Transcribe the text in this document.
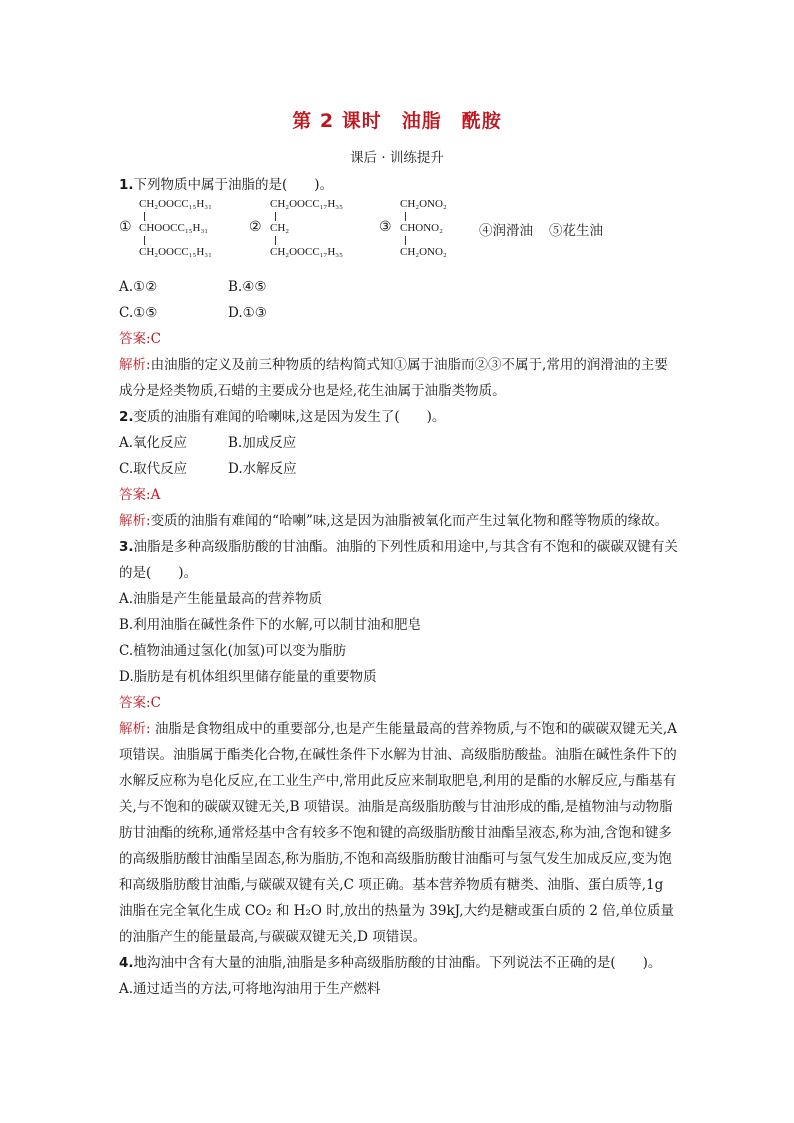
第 2 课时　油脂　酰胺
课后 · 训练提升
1.下列物质中属于油脂的是(　　)。
CH₂OOCC₁₅H₃₁
① CHOOCC₁₅H₃₁
CH₂OOCC₁₅H₃₁
CH₂OOCC₁₇H₃₅
② CH₂
CH₂OOCC₁₇H₃₅
CH₂ONO₂
③ CHONO₂
CH₂ONO₂
④润滑油 ⑤花生油
A.①②	B.④⑤
C.①⑤	D.①③
答案:C
解析:由油脂的定义及前三种物质的结构简式知①属于油脂而②③不属于,常用的润滑油的主要成分是烃类物质,石蜡的主要成分也是烃,花生油属于油脂类物质。
2.变质的油脂有难闻的哈喇味,这是因为发生了(　　)。
A.氧化反应	B.加成反应
C.取代反应	D.水解反应
答案:A
解析:变质的油脂有难闻的“哈喇”味,这是因为油脂被氧化而产生过氧化物和醛等物质的缘故。
3.油脂是多种高级脂肪酸的甘油酯。油脂的下列性质和用途中,与其含有不饱和的碳碳双键有关的是(　　)。
A.油脂是产生能量最高的营养物质
B.利用油脂在碱性条件下的水解,可以制甘油和肥皂
C.植物油通过氢化(加氢)可以变为脂肪
D.脂肪是有机体组织里储存能量的重要物质
答案:C
解析: 油脂是食物组成中的重要部分,也是产生能量最高的营养物质,与不饱和的碳碳双键无关,A 项错误。油脂属于酯类化合物,在碱性条件下水解为甘油、高级脂肪酸盐。油脂在碱性条件下的水解反应称为皂化反应,在工业生产中,常用此反应来制取肥皂,利用的是酯的水解反应,与酯基有关,与不饱和的碳碳双键无关,B 项错误。油脂是高级脂肪酸与甘油形成的酯,是植物油与动物脂肪甘油酯的统称,通常烃基中含有较多不饱和键的高级脂肪酸甘油酯呈液态,称为油,含饱和键多的高级脂肪酸甘油酯呈固态,称为脂肪,不饱和高级脂肪酸甘油酯可与氢气发生加成反应,变为饱和高级脂肪酸甘油酯,与碳碳双键有关,C 项正确。基本营养物质有糖类、油脂、蛋白质等,1g 油脂在完全氧化生成 CO₂ 和 H₂O 时,放出的热量为 39kJ,大约是糖或蛋白质的 2 倍,单位质量的油脂产生的能量最高,与碳碳双键无关,D 项错误。
4.地沟油中含有大量的油脂,油脂是多种高级脂肪酸的甘油酯。下列说法不正确的是(　　)。
A.通过适当的方法,可将地沟油用于生产燃料
